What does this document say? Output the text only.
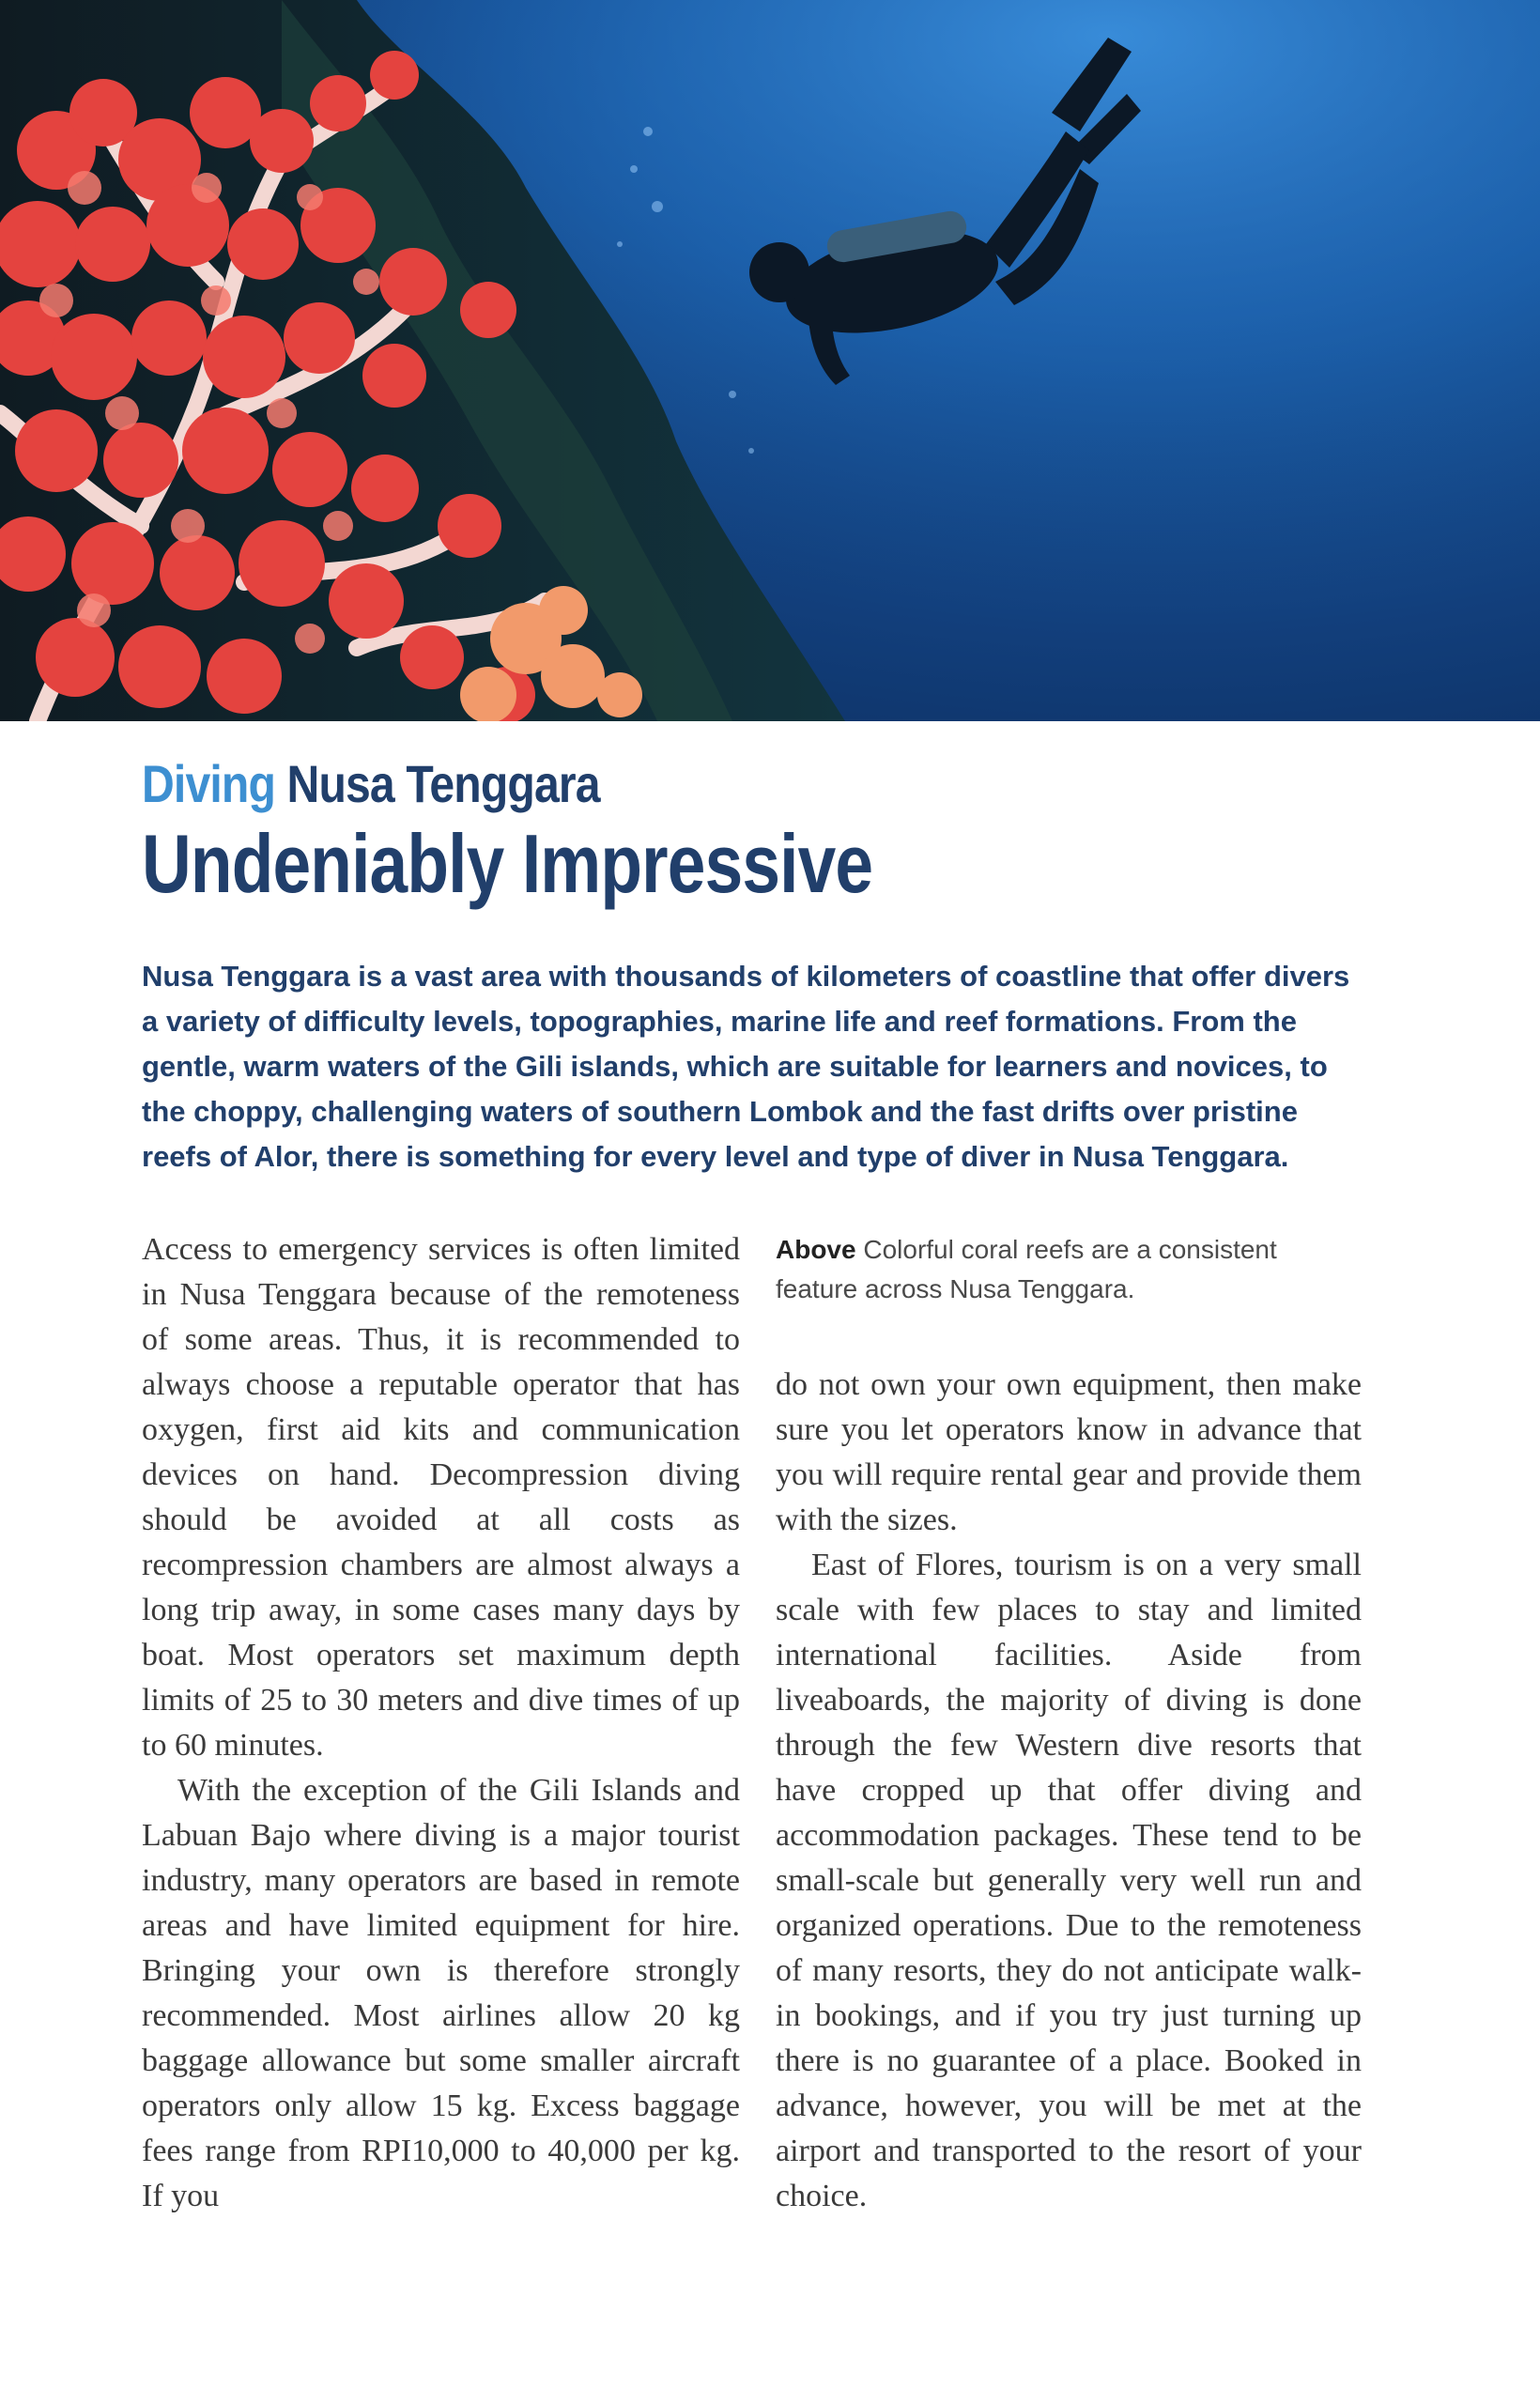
Diving Nusa Tenggara
Undeniably Impressive

Nusa Tenggara is a vast area with thousands of kilometers of coastline that offer divers a variety of difficulty levels, topographies, marine life and reef formations. From the gentle, warm waters of the Gili islands, which are suitable for learners and novices, to the choppy, challenging waters of southern Lombok and the fast drifts over pristine reefs of Alor, there is something for every level and type of diver in Nusa Tenggara.

Access to emergency services is often limited in Nusa Tenggara because of the remoteness of some areas. Thus, it is recommended to always choose a reputable operator that has oxygen, first aid kits and communication devices on hand. Decompression diving should be avoided at all costs as recompression chambers are almost always a long trip away, in some cases many days by boat. Most operators set maximum depth limits of 25 to 30 meters and dive times of up to 60 minutes.

With the exception of the Gili Islands and Labuan Bajo where diving is a major tourist industry, many operators are based in remote areas and have limited equipment for hire. Bringing your own is therefore strongly recommended. Most airlines allow 20 kg baggage allowance but some smaller aircraft operators only allow 15 kg. Excess baggage fees range from RPI10,000 to 40,000 per kg. If you

Above Colorful coral reefs are a consistent feature across Nusa Tenggara.

do not own your own equipment, then make sure you let operators know in advance that you will require rental gear and provide them with the sizes.

East of Flores, tourism is on a very small scale with few places to stay and limited international facilities. Aside from liveaboards, the majority of diving is done through the few Western dive resorts that have cropped up that offer diving and accommodation packages. These tend to be small-scale but generally very well run and organized operations. Due to the remoteness of many resorts, they do not anticipate walk-in bookings, and if you try just turning up there is no guarantee of a place. Booked in advance, however, you will be met at the airport and transported to the resort of your choice.
